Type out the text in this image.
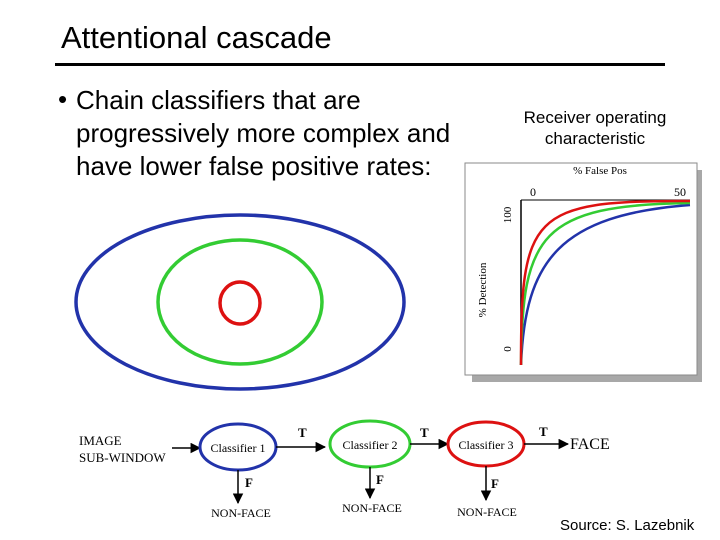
Attentional cascade
• Chain classifiers that are progressively more complex and have lower false positive rates:
Receiver operating
characteristic
% False Pos
0	50
100
0
% Detection
IMAGE
SUB-WINDOW
Classifier 1
T
F
NON-FACE
Classifier 2
T
F
NON-FACE
Classifier 3
T
F
NON-FACE
FACE
Source: S. Lazebnik
